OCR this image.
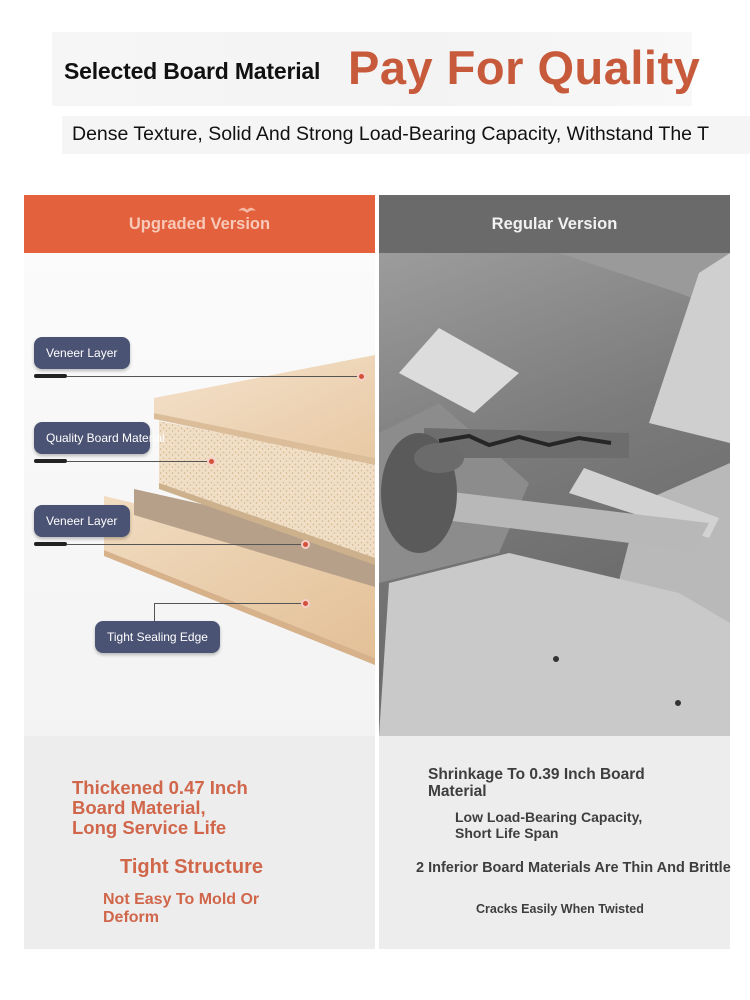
Selected Board Material Pay For Quality
Dense Texture, Solid And Strong Load-Bearing Capacity, Withstand The T
Upgraded Version
Veneer Layer
Quality Board Material
Veneer Layer
Tight Sealing Edge
Thickened 0.47 Inch
Board Material,
Long Service Life
Tight Structure
Not Easy To Mold Or
Deform
Regular Version
Shrinkage To 0.39 Inch Board
Material
Low Load-Bearing Capacity,
Short Life Span
2 Inferior Board Materials Are Thin And Brittle
Cracks Easily When Twisted
